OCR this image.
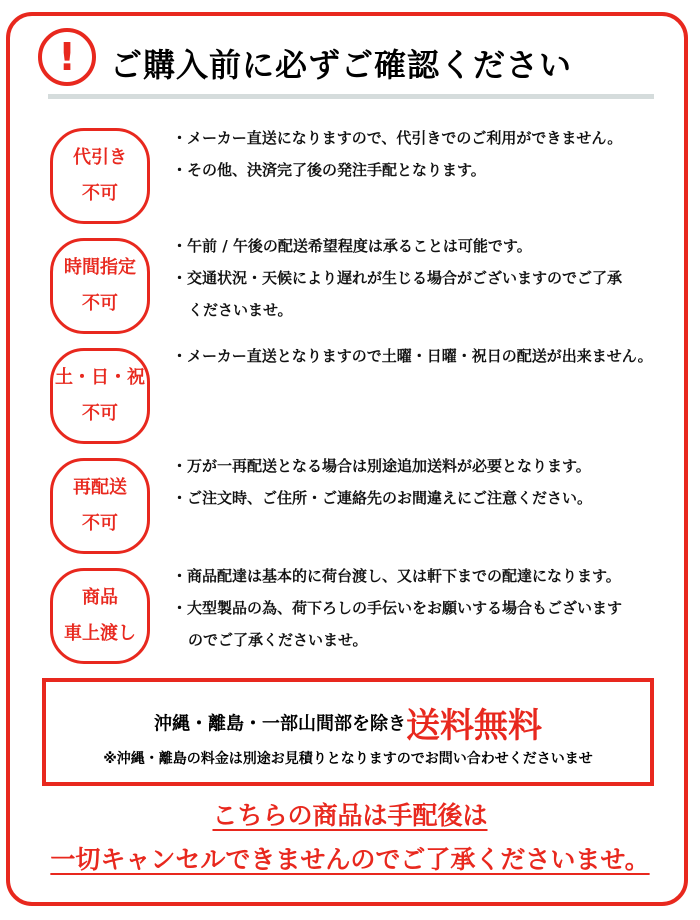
! ご購入前に必ずご確認ください
代引き
不可
・メーカー直送になりますので、代引きでのご利用ができません。
・その他、決済完了後の発注手配となります。
時間指定
不可
・午前 / 午後の配送希望程度は承ることは可能です。
・交通状況・天候により遅れが生じる場合がございますのでご了承
くださいませ。
土・日・祝
不可
・メーカー直送となりますので土曜・日曜・祝日の配送が出来ません。
再配送
不可
・万が一再配送となる場合は別途追加送料が必要となります。
・ご注文時、ご住所・ご連絡先のお間違えにご注意ください。
商品
車上渡し
・商品配達は基本的に荷台渡し、又は軒下までの配達になります。
・大型製品の為、荷下ろしの手伝いをお願いする場合もございます
のでご了承くださいませ。
沖縄・離島・一部山間部を除き送料無料
※沖縄・離島の料金は別途お見積りとなりますのでお問い合わせくださいませ
こちらの商品は手配後は
一切キャンセルできませんのでご了承くださいませ。
